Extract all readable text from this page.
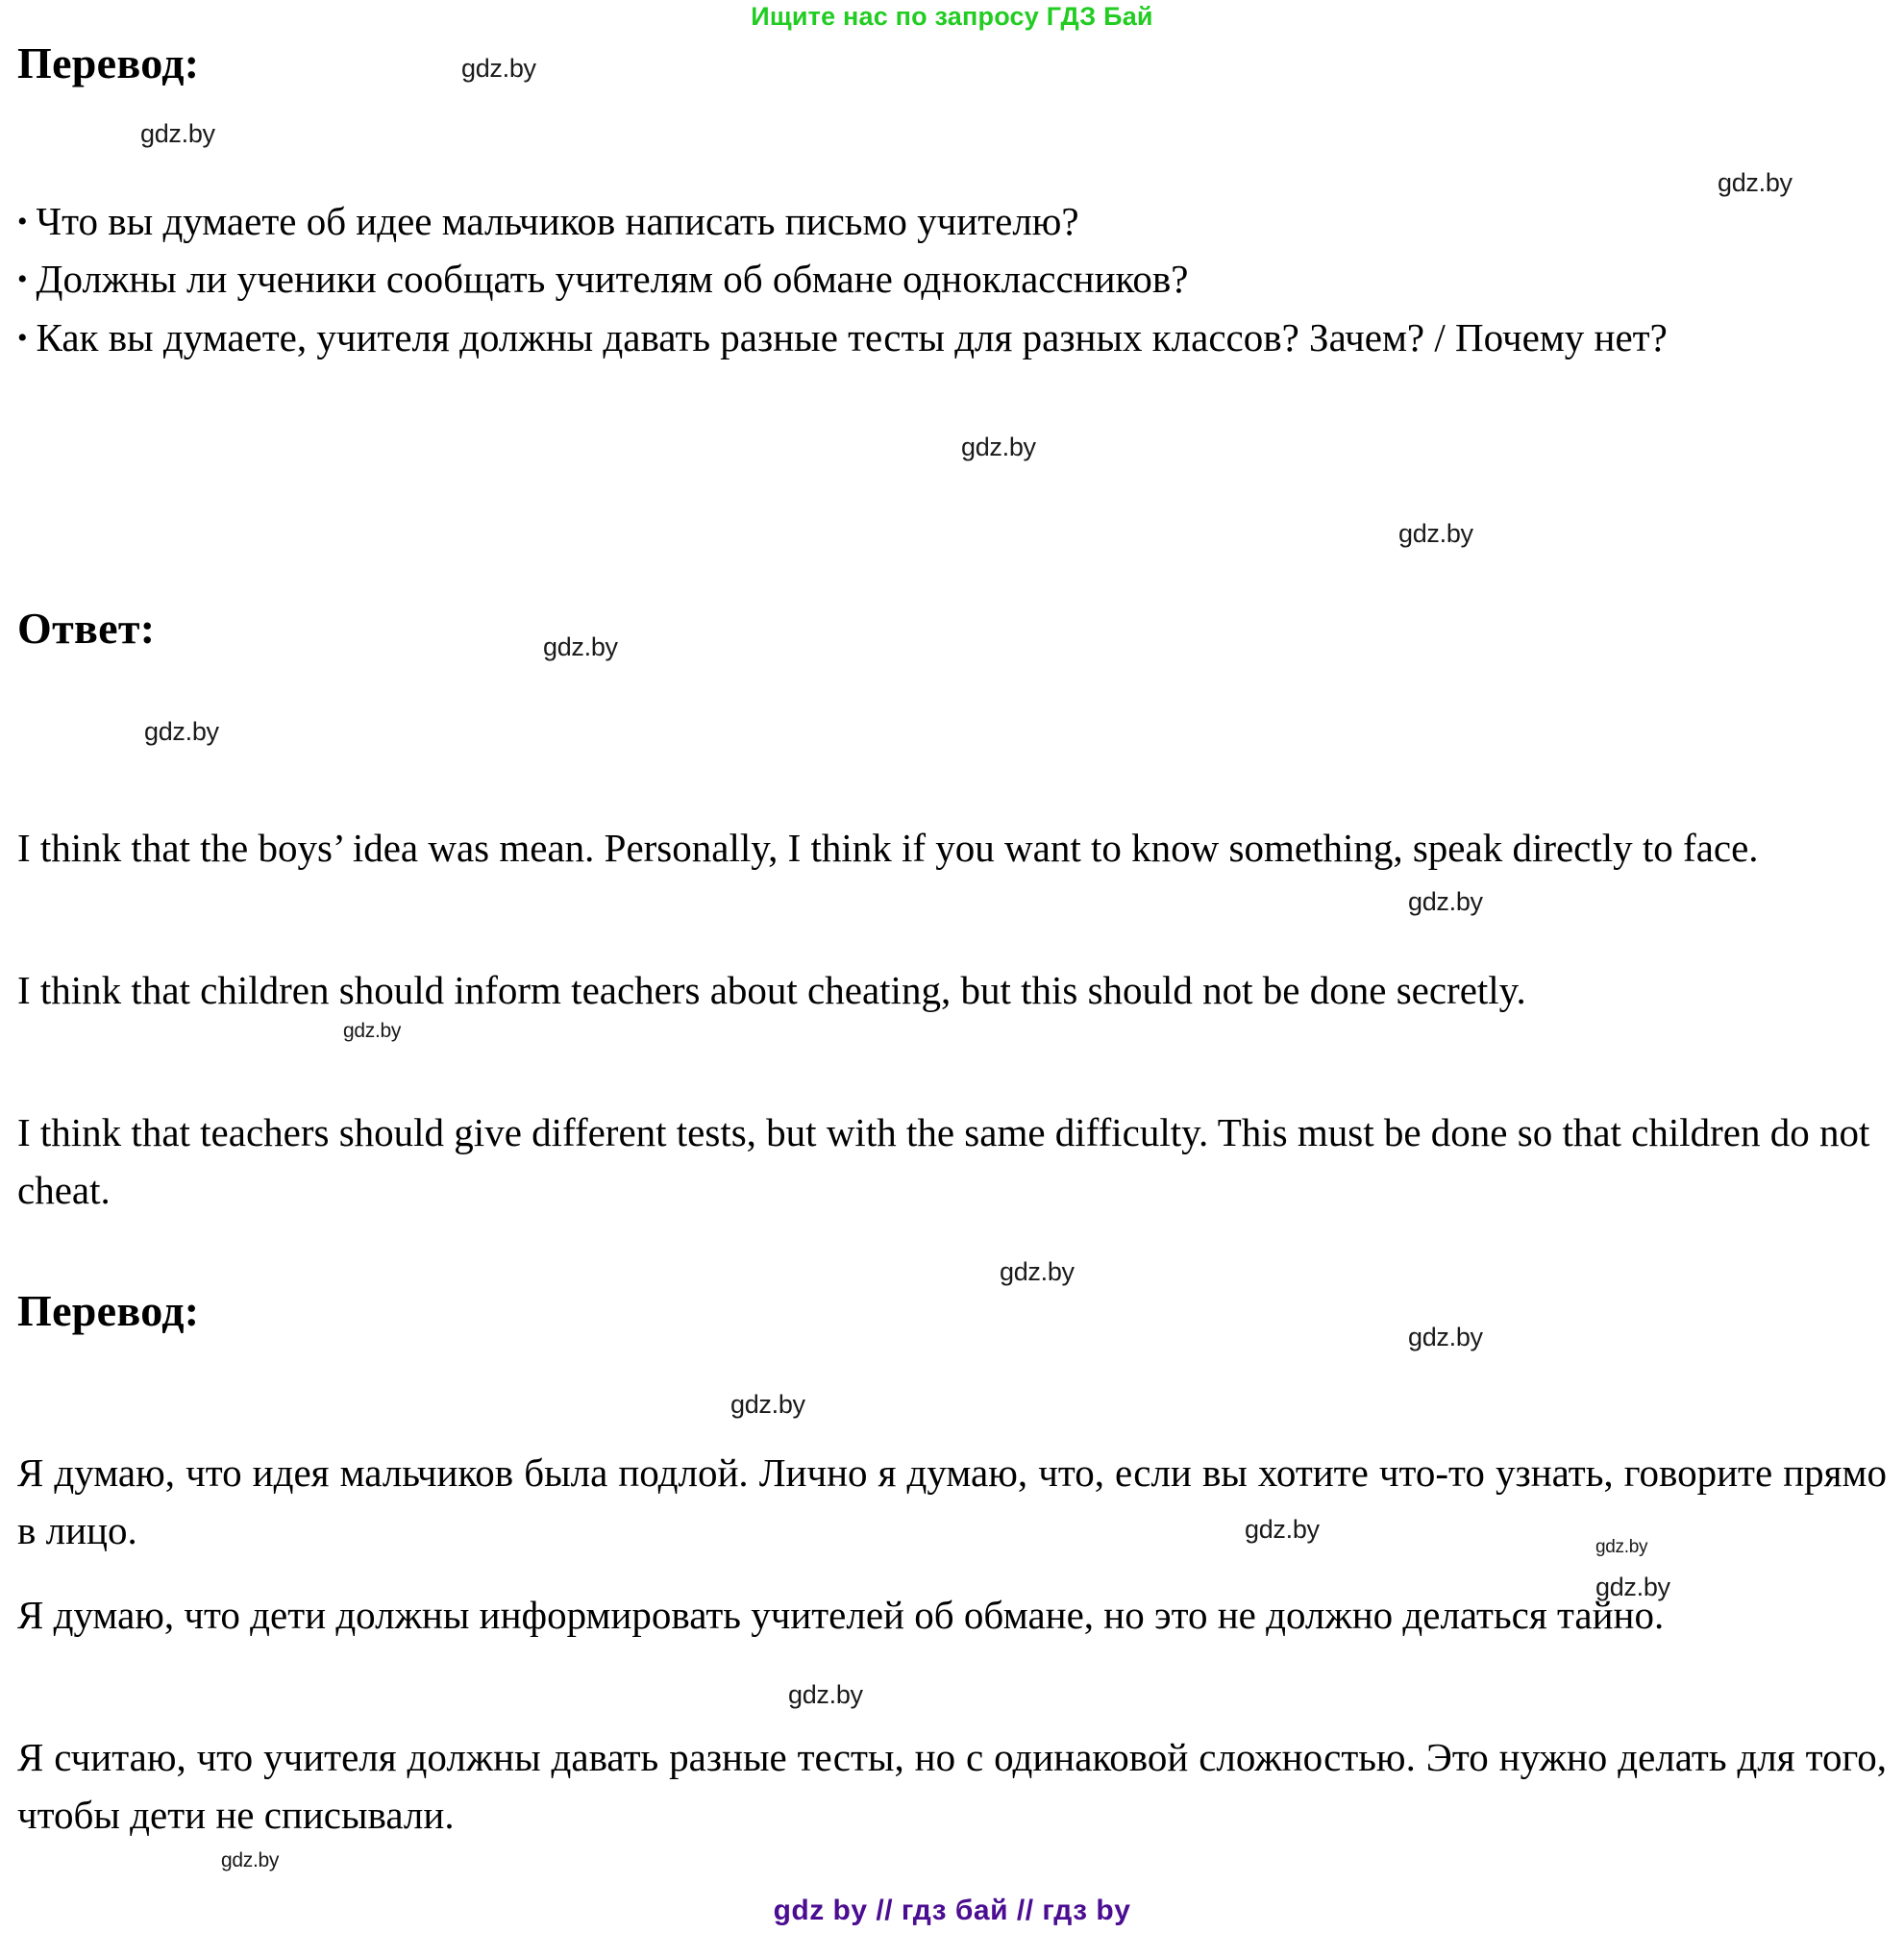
Ищите нас по запросу ГДЗ Бай
gdz.by
gdz.by
gdz.by
gdz.by
gdz.by
gdz.by
gdz.by
gdz.by
gdz.by
gdz.by
gdz.by
gdz.by
gdz.by
gdz.by
gdz.by
gdz.by
gdz.by
Перевод:
• Что вы думаете об идее мальчиков написать письмо учителю?
• Должны ли ученики сообщать учителям об обмане одноклассников?
• Как вы думаете, учителя должны давать разные тесты для разных классов? Зачем? / Почему нет?
Ответ:

I think that the boys’ idea was mean. Personally, I think if you want to know something, speak directly to face.

I think that children should inform teachers about cheating, but this should not be done secretly.

I think that teachers should give different tests, but with the same difficulty. This must be done so that children do not cheat.

Перевод:

Я думаю, что идея мальчиков была подлой. Лично я думаю, что, если вы хотите что-то узнать, говорите прямо в лицо.

Я думаю, что дети должны информировать учителей об обмане, но это не должно делаться тайно.

Я считаю, что учителя должны давать разные тесты, но с одинаковой сложностью. Это нужно делать для того, чтобы дети не списывали.

gdz by // гдз бай // гдз by
